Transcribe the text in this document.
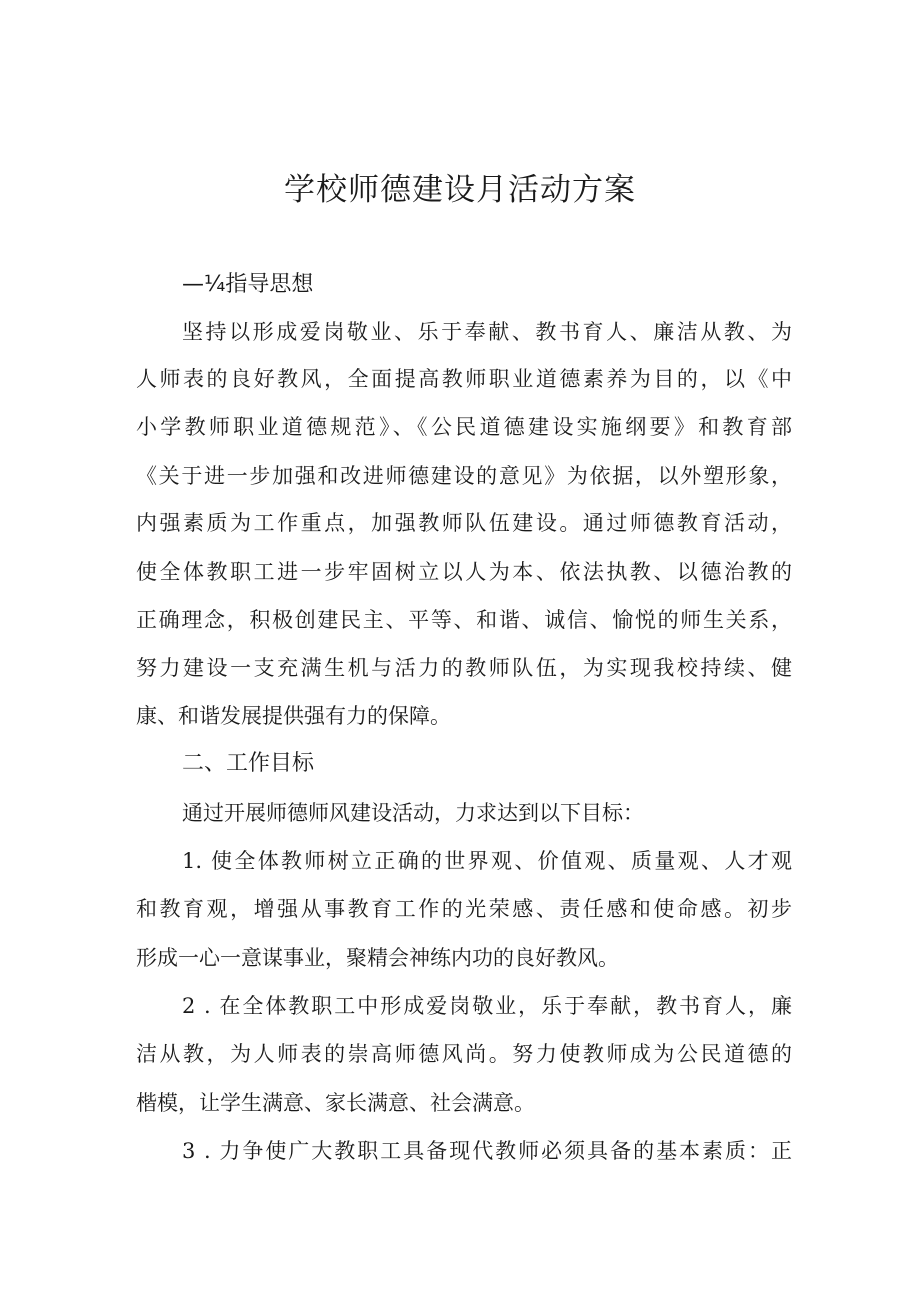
学校师德建设月活动方案
—¼指导思想
坚持以形成爱岗敬业、乐于奉献、教书育人、廉洁从教、为
人师表的良好教风，全面提高教师职业道德素养为目的，以《中
小学教师职业道德规范》、《公民道德建设实施纲要》和教育部
《关于进一步加强和改进师德建设的意见》为依据，以外塑形象，
内强素质为工作重点，加强教师队伍建设。通过师德教育活动，
使全体教职工进一步牢固树立以人为本、依法执教、以德治教的
正确理念，积极创建民主、平等、和谐、诚信、愉悦的师生关系，
努力建设一支充满生机与活力的教师队伍，为实现我校持续、健
康、和谐发展提供强有力的保障。
二、工作目标
通过开展师德师风建设活动，力求达到以下目标：
1. 使全体教师树立正确的世界观、价值观、质量观、人才观
和教育观，增强从事教育工作的光荣感、责任感和使命感。初步
形成一心一意谋事业，聚精会神练内功的良好教风。
2 . 在全体教职工中形成爱岗敬业，乐于奉献，教书育人，廉
洁从教，为人师表的崇高师德风尚。努力使教师成为公民道德的
楷模，让学生满意、家长满意、社会满意。
3 . 力争使广大教职工具备现代教师必须具备的基本素质：正
